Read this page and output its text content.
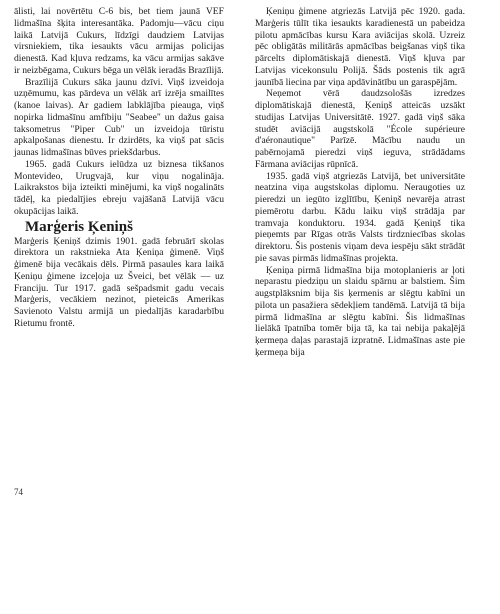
ālisti, lai novērtētu C-6 bis, bet tiem jaunā VEF lidmašīna šķita interesantāka. Padomju—vācu ciņu laikā Latvijā Cukurs, līdzīgi daudziem Latvijas virsniekiem, tika iesaukts vācu armijas policijas dienestā. Kad kļuva redzams, ka vācu armijas sakāve ir neizbēgama, Cukurs bēga un vēlāk ieradās Brazīlijā.

Brazīlijā Cukurs sāka jaunu dzīvi. Viņš izveidoja uzņēmumu, kas pārdeva un vēlāk arī izrēja smailītes (kanoe laivas). Ar gadiem labklājība pieauga, viņš nopirka lidmašīnu amfībiju "Seabee" un dažus gaisa taksometrus "Piper Cub" un izveidoja tūristu apkalpošanas dienestu. Ir dzirdēts, ka viņš pat sācis jaunas lidmašīnas būves priekšdarbus.

1965. gadā Cukurs ielūdza uz biznesa tikšanos Montevideo, Urugvajā, kur viņu nogalināja. Laikrakstos bija izteikti minējumi, ka viņš nogalināts tādēļ, ka piedalījies ebreju vajāšanā Latvijā vācu okupācijas laikā.

Marģeris Ķeniņš

Marģeris Ķeniņš dzimis 1901. gadā februārī skolas direktora un rakstnieka Ata Ķeniņa ģimenē. Viņš ģimenē bija vecākais dēls. Pirmā pasaules kara laikā Ķeniņu ģimene izceļoja uz Šveici, bet vēlāk — uz Franciju. Tur 1917. gadā sešpadsmit gadu vecais Marģeris, vecākiem nezinot, pieteicās Amerikas Savienoto Valstu armijā un piedalījās karadarbību Rietumu frontē.

Ķeniņu ģimene atgriezās Latvijā pēc 1920. gada. Marģeris tūlīt tika iesaukts karadienestā un pabeidza pilotu apmācības kursu Kara aviācijas skolā. Uzreiz pēc obligātās militārās apmācības beigšanas viņš tika pārcelts diplomātiskajā dienestā. Viņš kļuva par Latvijas vicekonsulu Polijā. Šāds postenis tik agrā jaunībā liecina par viņa apdāvinātību un garaspējām.

Neņemot vērā daudzsološās izredzes diplomātiskajā dienestā, Ķeniņš atteicās uzsākt studijas Latvijas Universitātē. 1927. gadā viņš sāka studēt aviācijā augstskolā "École supérieure d'aéronautique" Parīzē. Mācību naudu un pabērnojamā pieredzi viņš ieguva, strādādams Fārmana aviācijas rūpnīcā.

1935. gadā viņš atgriezās Latvijā, bet universitāte neatzina viņa augstskolas diplomu. Neraugoties uz pieredzi un iegūto izglītību, Ķeniņš nevarēja atrast piemērotu darbu. Kādu laiku viņš strādāja par tramvaja konduktoru. 1934. gadā Ķeniņš tika pieņemts par Rīgas otrās Valsts tirdzniecības skolas direktoru. Šis postenis viņam deva iespēju sākt strādāt pie savas pirmās lidmašīnas projekta.

Ķeniņa pirmā lidmašīna bija motoplanieris ar ļoti neparastu piedziņu un slaidu spārnu ar balstiem. Šim augstplāksnim bija šis ķermenis ar slēgtu kabīni un pilota un pasažiera sēdekļiem tandēmā. Latvijā tā bija pirmā lidmašīna ar slēgtu kabīni. Šis lidmašīnas lielākā īpatnība tomēr bija tā, ka tai nebija pakaļējā ķermeņa daļas parastajā izpratnē. Lidmašīnas aste pie ķermeņa bija

74
